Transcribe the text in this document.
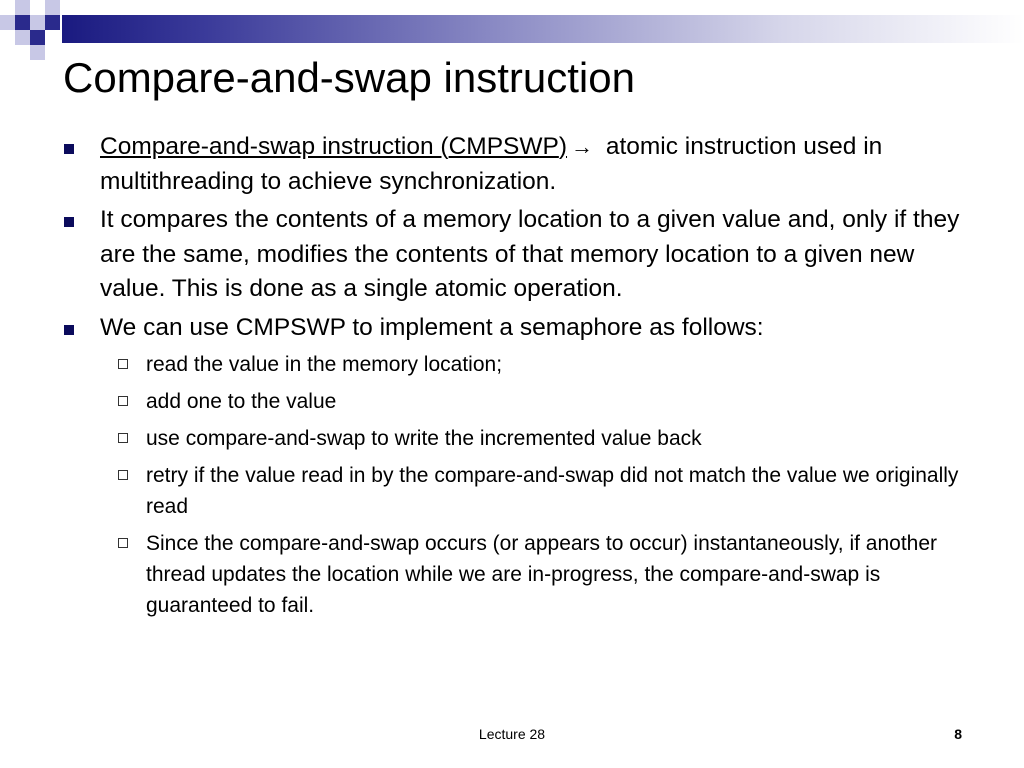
Compare-and-swap instruction
Compare-and-swap instruction (CMPSWP) → atomic instruction used in multithreading to achieve synchronization.
It compares the contents of a memory location to a given value and, only if they are the same, modifies the contents of that memory location to a given new value. This is done as a single atomic operation.
We can use CMPSWP to implement a semaphore as follows:
read the value in the memory location;
add one to the value
use compare-and-swap to write the incremented value back
retry if the value read in by the compare-and-swap did not match the value we originally read
Since the compare-and-swap occurs (or appears to occur) instantaneously, if another thread updates the location while we are in-progress, the compare-and-swap is guaranteed to fail.
Lecture 28	8
